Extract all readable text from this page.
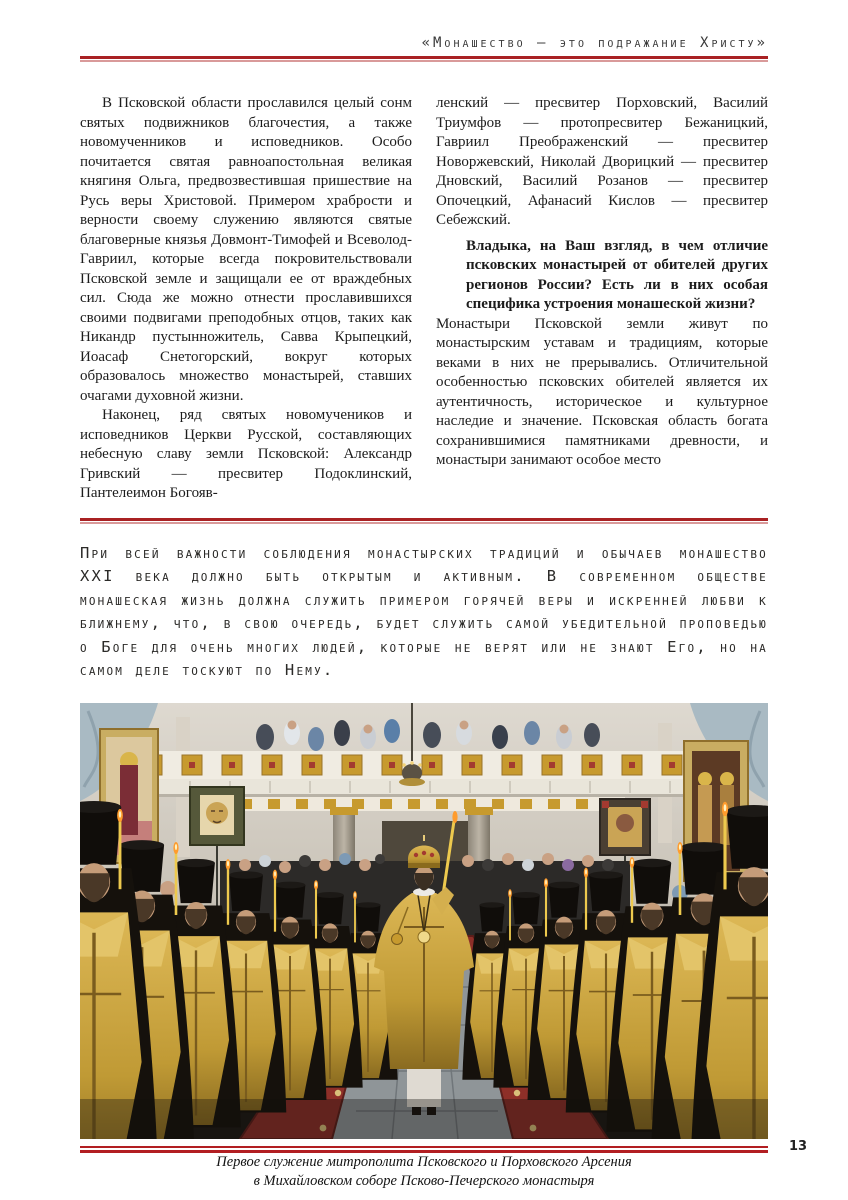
«Монашество — это подражание Христу»

В Псковской области прославился целый сонм святых подвижников благочестия, а также новомученников и исповедников. Особо почитается святая равноапостольная великая княгиня Ольга, предвозвестившая пришествие на Русь веры Христовой. Примером храбрости и верности своему служению являются святые благоверные князья Довмонт-Тимофей и Всеволод-Гавриил, которые всегда покровительствовали Псковской земле и защищали ее от враждебных сил. Сюда же можно отнести прославившихся своими подвигами преподобных отцов, таких как Никандр пустынножитель, Савва Крыпецкий, Иоасаф Снетогорский, вокруг которых образовалось множество монастырей, ставших очагами духовной жизни.

Наконец, ряд святых новомучеников и исповедников Церкви Русской, составляющих небесную славу земли Псковской: Александр Гривский — пресвитер Подоклинский, Пантелеимон Богояв-

ленский — пресвитер Порховский, Василий Триумфов — протопресвитер Бежаницкий, Гавриил Преображенский — пресвитер Новоржевский, Николай Дворицкий — пресвитер Дновский, Василий Розанов — пресвитер Опочецкий, Афанасий Кислов — пресвитер Себежский.

Владыка, на Ваш взгляд, в чем отличие псковских монастырей от обителей других регионов России? Есть ли в них особая специфика устроения монашеской жизни?

Монастыри Псковской земли живут по монастырским уставам и традициям, которые веками в них не прерывались. Отличительной особенностью псковских обителей является их аутентичность, историческое и культурное наследие и значение. Псковская область богата сохранившимися памятниками древности, и монастыри занимают особое место

При всей важности соблюдения монастырских традиций и обычаев монашество XXI века должно быть открытым и активным. В современном обществе монашеская жизнь должна служить примером горячей веры и искренней любви к ближнему, что, в свою очередь, будет служить самой убедительной проповедью о Боге для очень многих людей, которые не верят или не знают Его, но на самом деле тоскуют по Нему.
Первое служение митрополита Псковского и Порховского Арсения
в Михайловском соборе Псково-Печерского монастыря
13
